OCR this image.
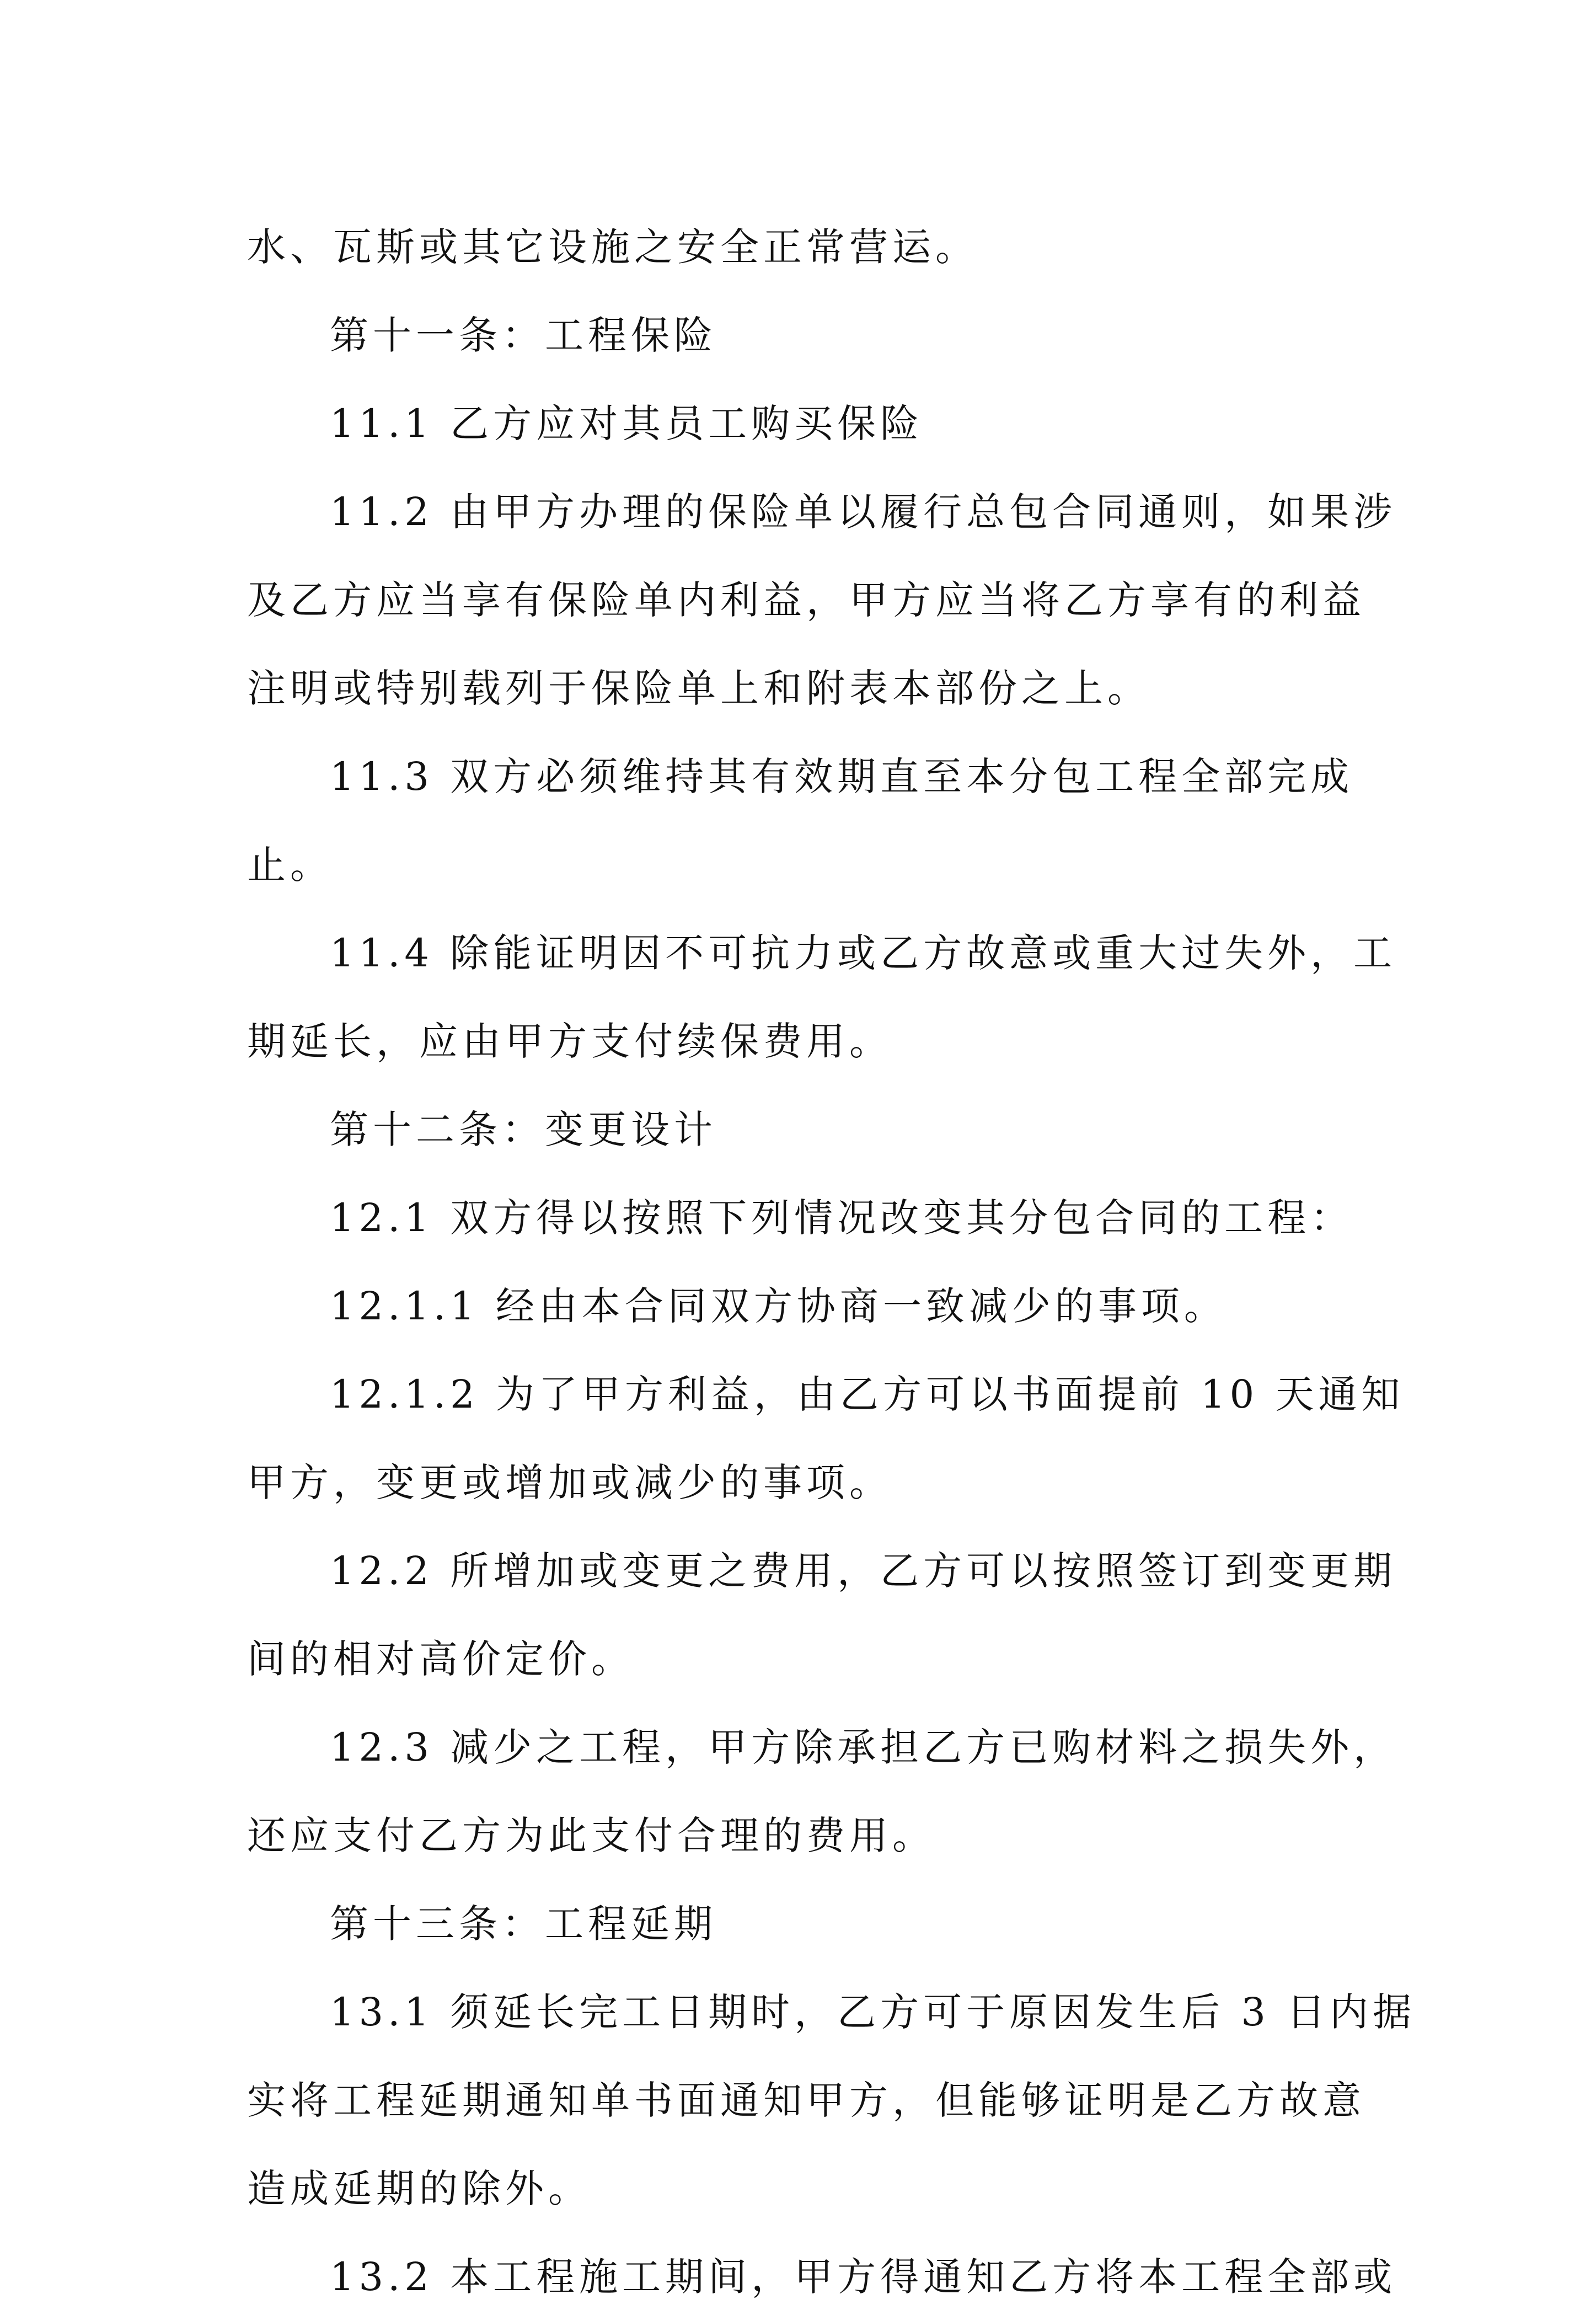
水、瓦斯或其它设施之安全正常营运。
第十一条：工程保险
11.1 乙方应对其员工购买保险
11.2 由甲方办理的保险单以履行总包合同通则，如果涉
及乙方应当享有保险单内利益，甲方应当将乙方享有的利益
注明或特别载列于保险单上和附表本部份之上。
11.3 双方必须维持其有效期直至本分包工程全部完成
止。
11.4 除能证明因不可抗力或乙方故意或重大过失外，工
期延长，应由甲方支付续保费用。
第十二条：变更设计
12.1 双方得以按照下列情况改变其分包合同的工程：
12.1.1 经由本合同双方协商一致减少的事项。
12.1.2 为了甲方利益，由乙方可以书面提前 10 天通知
甲方，变更或增加或减少的事项。
12.2 所增加或变更之费用，乙方可以按照签订到变更期
间的相对高价定价。
12.3 减少之工程，甲方除承担乙方已购材料之损失外，
还应支付乙方为此支付合理的费用。
第十三条：工程延期
13.1 须延长完工日期时，乙方可于原因发生后 3 日内据
实将工程延期通知单书面通知甲方，但能够证明是乙方故意
造成延期的除外。
13.2 本工程施工期间，甲方得通知乙方将本工程全部或
